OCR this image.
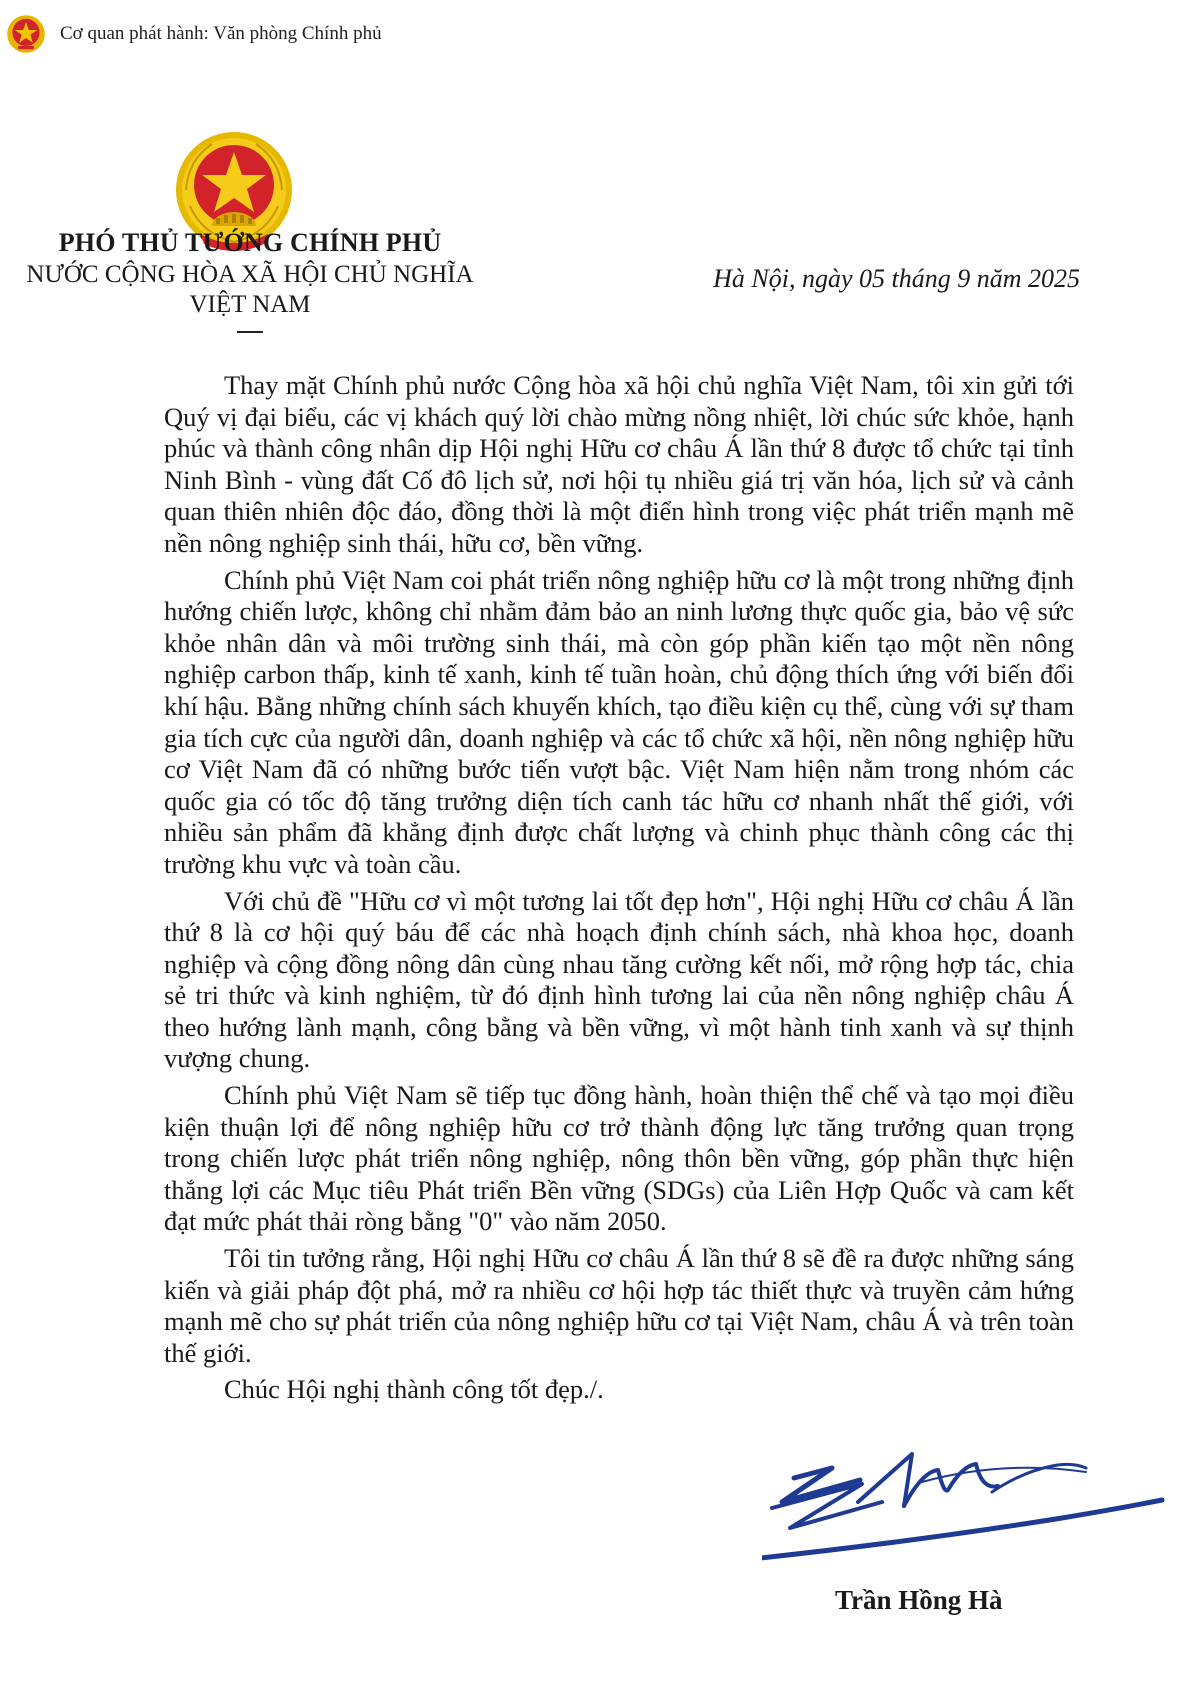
Cơ quan phát hành: Văn phòng Chính phủ
PHÓ THỦ TƯỚNG CHÍNH PHỦ
NƯỚC CỘNG HÒA XÃ HỘI CHỦ NGHĨA
VIỆT NAM
Hà Nội, ngày 05 tháng 9 năm 2025

Thay mặt Chính phủ nước Cộng hòa xã hội chủ nghĩa Việt Nam, tôi xin gửi tới Quý vị đại biểu, các vị khách quý lời chào mừng nồng nhiệt, lời chúc sức khỏe, hạnh phúc và thành công nhân dịp Hội nghị Hữu cơ châu Á lần thứ 8 được tổ chức tại tỉnh Ninh Bình - vùng đất Cố đô lịch sử, nơi hội tụ nhiều giá trị văn hóa, lịch sử và cảnh quan thiên nhiên độc đáo, đồng thời là một điển hình trong việc phát triển mạnh mẽ nền nông nghiệp sinh thái, hữu cơ, bền vững.

Chính phủ Việt Nam coi phát triển nông nghiệp hữu cơ là một trong những định hướng chiến lược, không chỉ nhằm đảm bảo an ninh lương thực quốc gia, bảo vệ sức khỏe nhân dân và môi trường sinh thái, mà còn góp phần kiến tạo một nền nông nghiệp carbon thấp, kinh tế xanh, kinh tế tuần hoàn, chủ động thích ứng với biến đổi khí hậu. Bằng những chính sách khuyến khích, tạo điều kiện cụ thể, cùng với sự tham gia tích cực của người dân, doanh nghiệp và các tổ chức xã hội, nền nông nghiệp hữu cơ Việt Nam đã có những bước tiến vượt bậc. Việt Nam hiện nằm trong nhóm các quốc gia có tốc độ tăng trưởng diện tích canh tác hữu cơ nhanh nhất thế giới, với nhiều sản phẩm đã khẳng định được chất lượng và chinh phục thành công các thị trường khu vực và toàn cầu.

Với chủ đề "Hữu cơ vì một tương lai tốt đẹp hơn", Hội nghị Hữu cơ châu Á lần thứ 8 là cơ hội quý báu để các nhà hoạch định chính sách, nhà khoa học, doanh nghiệp và cộng đồng nông dân cùng nhau tăng cường kết nối, mở rộng hợp tác, chia sẻ tri thức và kinh nghiệm, từ đó định hình tương lai của nền nông nghiệp châu Á theo hướng lành mạnh, công bằng và bền vững, vì một hành tinh xanh và sự thịnh vượng chung.

Chính phủ Việt Nam sẽ tiếp tục đồng hành, hoàn thiện thể chế và tạo mọi điều kiện thuận lợi để nông nghiệp hữu cơ trở thành động lực tăng trưởng quan trọng trong chiến lược phát triển nông nghiệp, nông thôn bền vững, góp phần thực hiện thắng lợi các Mục tiêu Phát triển Bền vững (SDGs) của Liên Hợp Quốc và cam kết đạt mức phát thải ròng bằng "0" vào năm 2050.

Tôi tin tưởng rằng, Hội nghị Hữu cơ châu Á lần thứ 8 sẽ đề ra được những sáng kiến và giải pháp đột phá, mở ra nhiều cơ hội hợp tác thiết thực và truyền cảm hứng mạnh mẽ cho sự phát triển của nông nghiệp hữu cơ tại Việt Nam, châu Á và trên toàn thế giới.

Chúc Hội nghị thành công tốt đẹp./.

Trần Hồng Hà
